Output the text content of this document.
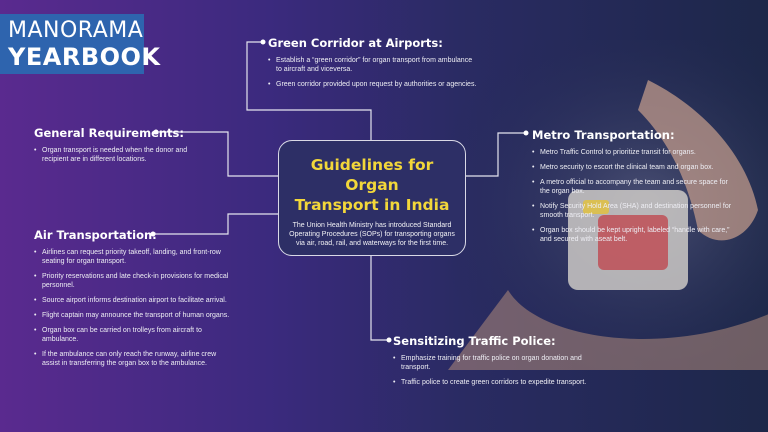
MANORAMA
YEARBOOK
Guidelines for Organ
Transport in India
The Union Health Ministry has introduced Standard Operating Procedures (SOPs) for transporting organs via air, road, rail, and waterways for the first time.
Green Corridor at Airports:
• Establish a “green corridor” for organ transport from ambulance to aircraft and viceversa.
• Green corridor provided upon request by authorities or agencies.
General Requirements:
• Organ transport is needed when the donor and recipient are in different locations.
Metro Transportation:
• Metro Traffic Control to prioritize transit for organs.
• Metro security to escort the clinical team and organ box.
• A metro official to accompany the team and secure space for the organ box.
• Notify Security Hold Area (SHA) and destination personnel for smooth transport.
• Organ box should be kept upright, labeled “handle with care,” and secured with aseat belt.
Air Transportation:
• Airlines can request priority takeoff, landing, and front-row seating for organ transport.
• Priority reservations and late check-in provisions for medical personnel.
• Source airport informs destination airport to facilitate arrival.
• Flight captain may announce the transport of human organs.
• Organ box can be carried on trolleys from aircraft to ambulance.
• If the ambulance can only reach the runway, airline crew assist in transferring the organ box to the ambulance.
Sensitizing Traffic Police:
• Emphasize training for traffic police on organ donation and transport.
• Traffic police to create green corridors to expedite transport.
